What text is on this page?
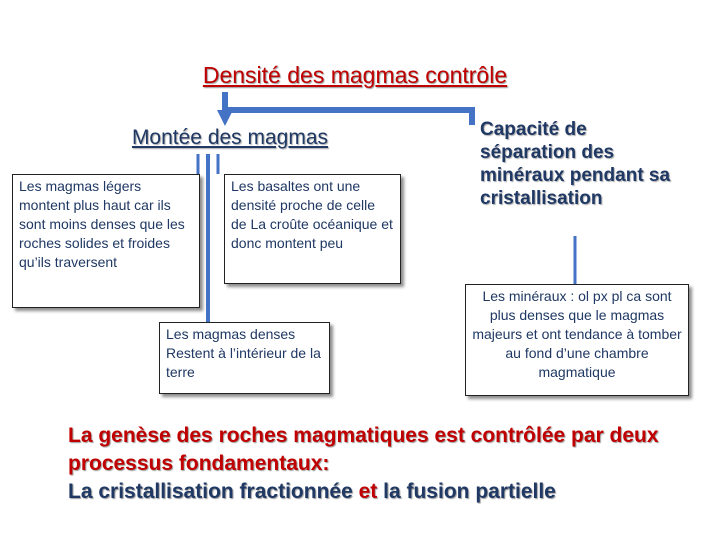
Densité des magmas contrôle
Montée des magmas	Capacité de séparation des minéraux pendant sa cristallisation
Les magmas légers montent plus haut car ils sont moins denses que les roches solides et froides qu’ils traversent
Les basaltes ont une densité proche de celle de La croûte océanique et donc montent peu
Les magmas denses Restent à l’intérieur de la terre
Les minéraux : ol px pl ca sont plus denses que le magmas majeurs et ont tendance à tomber au fond d’une chambre magmatique
La genèse des roches magmatiques est contrôlée par deux processus fondamentaux:
La cristallisation fractionnée et la fusion partielle
